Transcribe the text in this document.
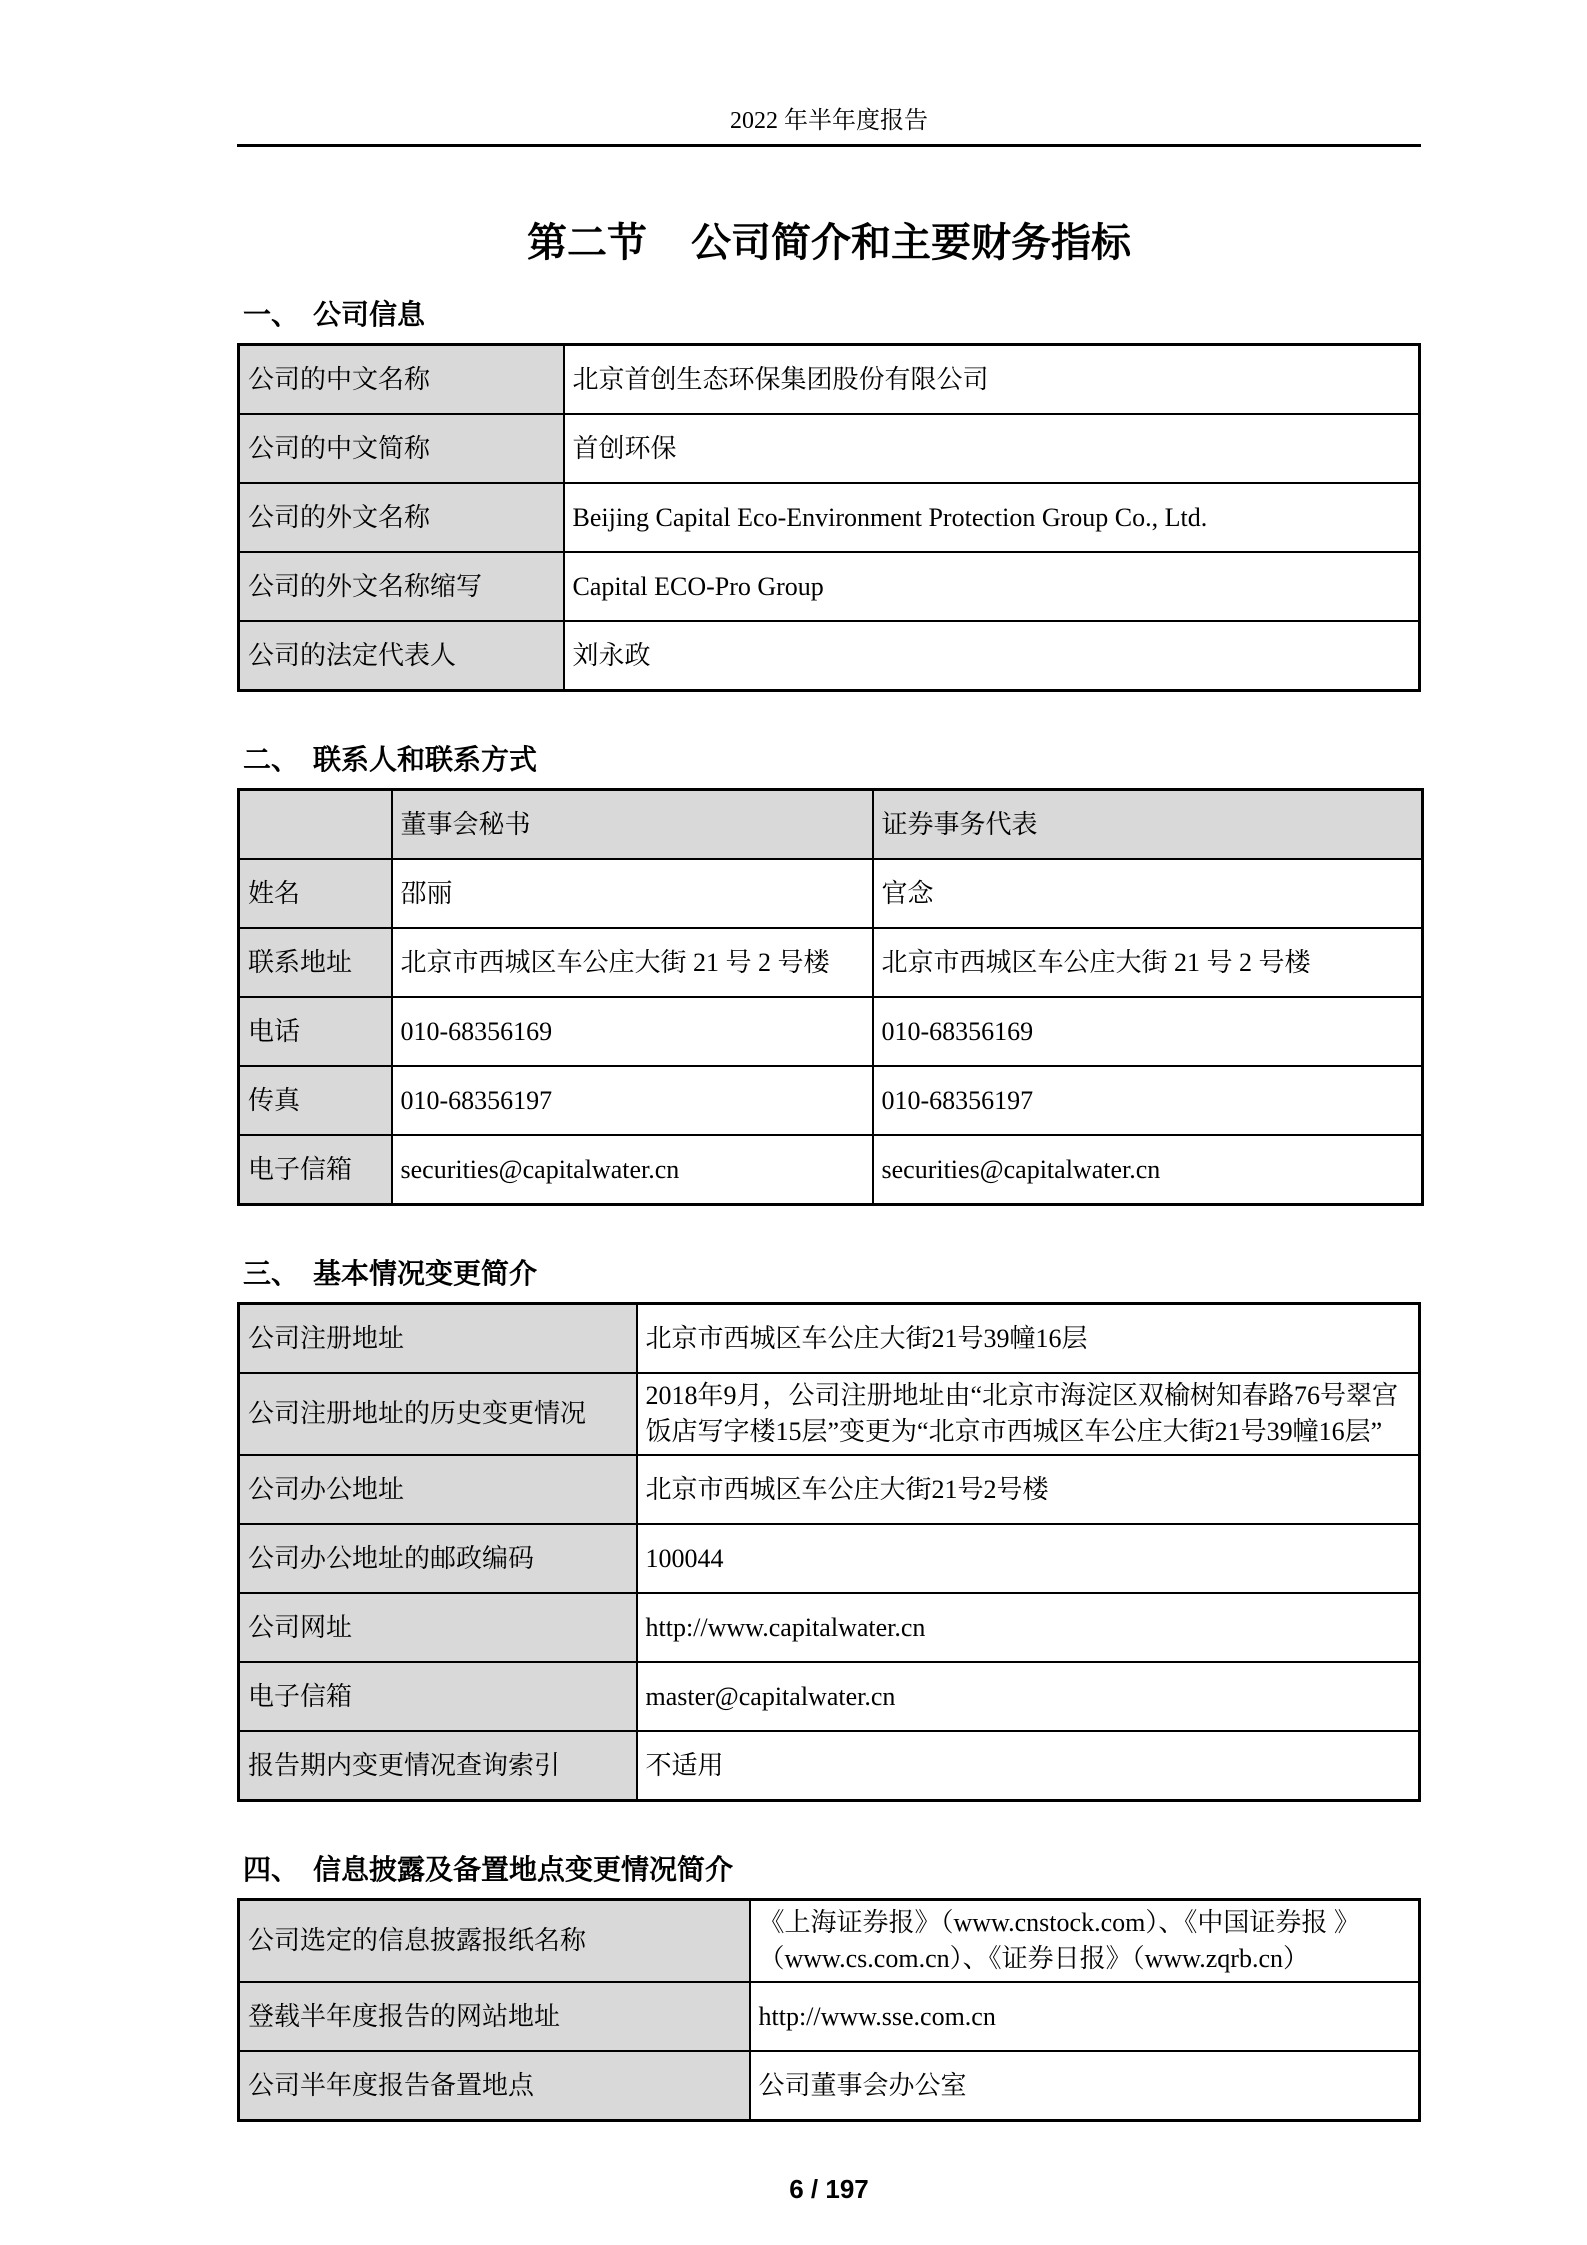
2022 年半年度报告
第二节 公司简介和主要财务指标
一、　公司信息
公司的中文名称	北京首创生态环保集团股份有限公司
公司的中文简称	首创环保
公司的外文名称	Beijing Capital Eco-Environment Protection Group Co., Ltd.
公司的外文名称缩写	Capital ECO-Pro Group
公司的法定代表人	刘永政
二、　联系人和联系方式
	董事会秘书	证券事务代表
姓名	邵丽	官念
联系地址	北京市西城区车公庄大街 21 号 2 号楼	北京市西城区车公庄大街 21 号 2 号楼
电话	010-68356169	010-68356169
传真	010-68356197	010-68356197
电子信箱	securities@capitalwater.cn	securities@capitalwater.cn
三、　基本情况变更简介
公司注册地址	北京市西城区车公庄大街21号39幢16层
公司注册地址的历史变更情况	2018年9月，公司注册地址由“北京市海淀区双榆树知春路76号翠宫饭店写字楼15层”变更为“北京市西城区车公庄大街21号39幢16层”
公司办公地址	北京市西城区车公庄大街21号2号楼
公司办公地址的邮政编码	100044
公司网址	http://www.capitalwater.cn
电子信箱	master@capitalwater.cn
报告期内变更情况查询索引	不适用
四、　信息披露及备置地点变更情况简介
公司选定的信息披露报纸名称	《上海证券报》（www.cnstock.com）、《中国证券报 》（www.cs.com.cn）、《证券日报》（www.zqrb.cn）
登载半年度报告的网站地址	http://www.sse.com.cn
公司半年度报告备置地点	公司董事会办公室
6 / 197
